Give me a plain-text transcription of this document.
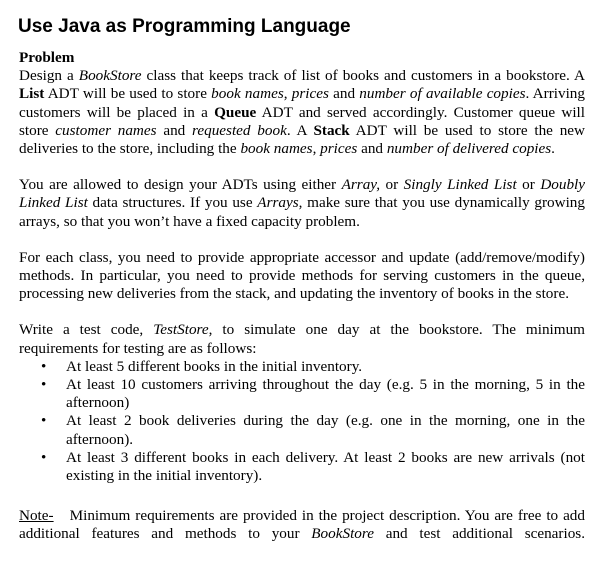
Use Java as Programming Language
Problem

Design a BookStore class that keeps track of list of books and customers in a bookstore. A List ADT will be used to store book names, prices and number of available copies. Arriving customers will be placed in a Queue ADT and served accordingly. Customer queue will store customer names and requested book. A Stack ADT will be used to store the new deliveries to the store, including the book names, prices and number of delivered copies.

You are allowed to design your ADTs using either Array, or Singly Linked List or Doubly Linked List data structures. If you use Arrays, make sure that you use dynamically growing arrays, so that you won’t have a fixed capacity problem.

For each class, you need to provide appropriate accessor and update (add/remove/modify) methods. In particular, you need to provide methods for serving customers in the queue, processing new deliveries from the stack, and updating the inventory of books in the store.

Write a test code, TestStore, to simulate one day at the bookstore. The minimum requirements for testing are as follows:

• At least 5 different books in the initial inventory.
• At least 10 customers arriving throughout the day (e.g. 5 in the morning, 5 in the afternoon)
• At least 2 book deliveries during the day (e.g. one in the morning, one in the afternoon).
• At least 3 different books in each delivery. At least 2 books are new arrivals (not existing in the initial inventory).

Note- Minimum requirements are provided in the project description. You are free to add additional features and methods to your BookStore and test additional scenarios.
